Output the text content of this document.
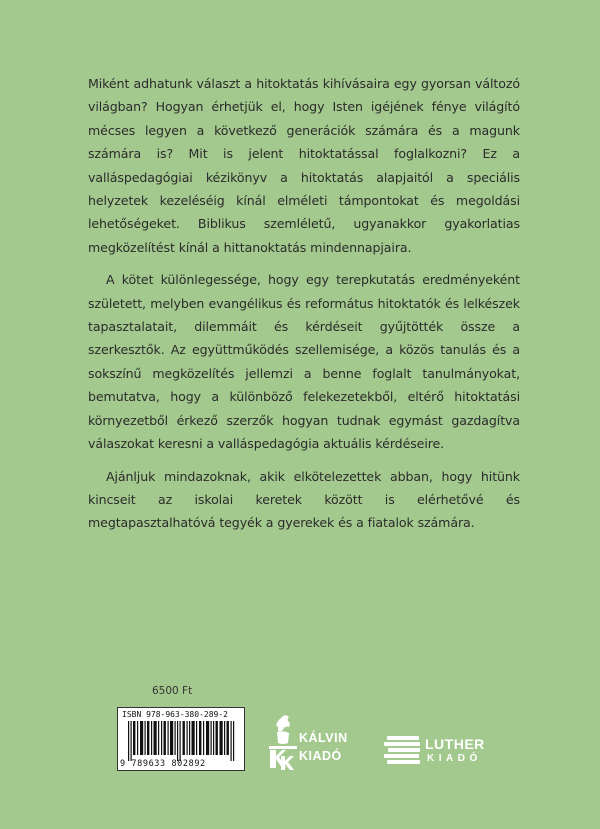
Miként adhatunk választ a hitoktatás kihívásaira egy gyorsan változó világban? Hogyan érhetjük el, hogy Isten igéjének fénye világító mécses legyen a következő generációk számára és a magunk számára is? Mit is jelent hitoktatással foglalkozni? Ez a valláspedagógiai kézikönyv a hitoktatás alapjaitól a speciális helyzetek kezeléséig kínál elméleti támpontokat és megoldási lehetőségeket. Biblikus szemléletű, ugyanakkor gyakorlatias megközelítést kínál a hittanoktatás mindennapjaira.

A kötet különlegessége, hogy egy terepkutatás eredményeként született, melyben evangélikus és református hitoktatók és lelkészek tapasztalatait, dilemmáit és kérdéseit gyűjtötték össze a szerkesztők. Az együttműködés szellemisége, a közös tanulás és a sokszínű megközelítés jellemzi a benne foglalt tanulmányokat, bemutatva, hogy a különböző felekezetekből, eltérő hitoktatási környezetből érkező szerzők hogyan tudnak egymást gazdagítva válaszokat keresni a valláspedagógia aktuális kérdéseire.

Ajánljuk mindazoknak, akik elkötelezettek abban, hogy hitünk kincseit az iskolai keretek között is elérhetővé és megtapasztalhatóvá tegyék a gyerekek és a fiatalok számára.

6500 Ft
ISBN 978-963-380-289-2
9 789633 802892
KÁLVIN
KIADÓ
LUTHER
KIADÓ
